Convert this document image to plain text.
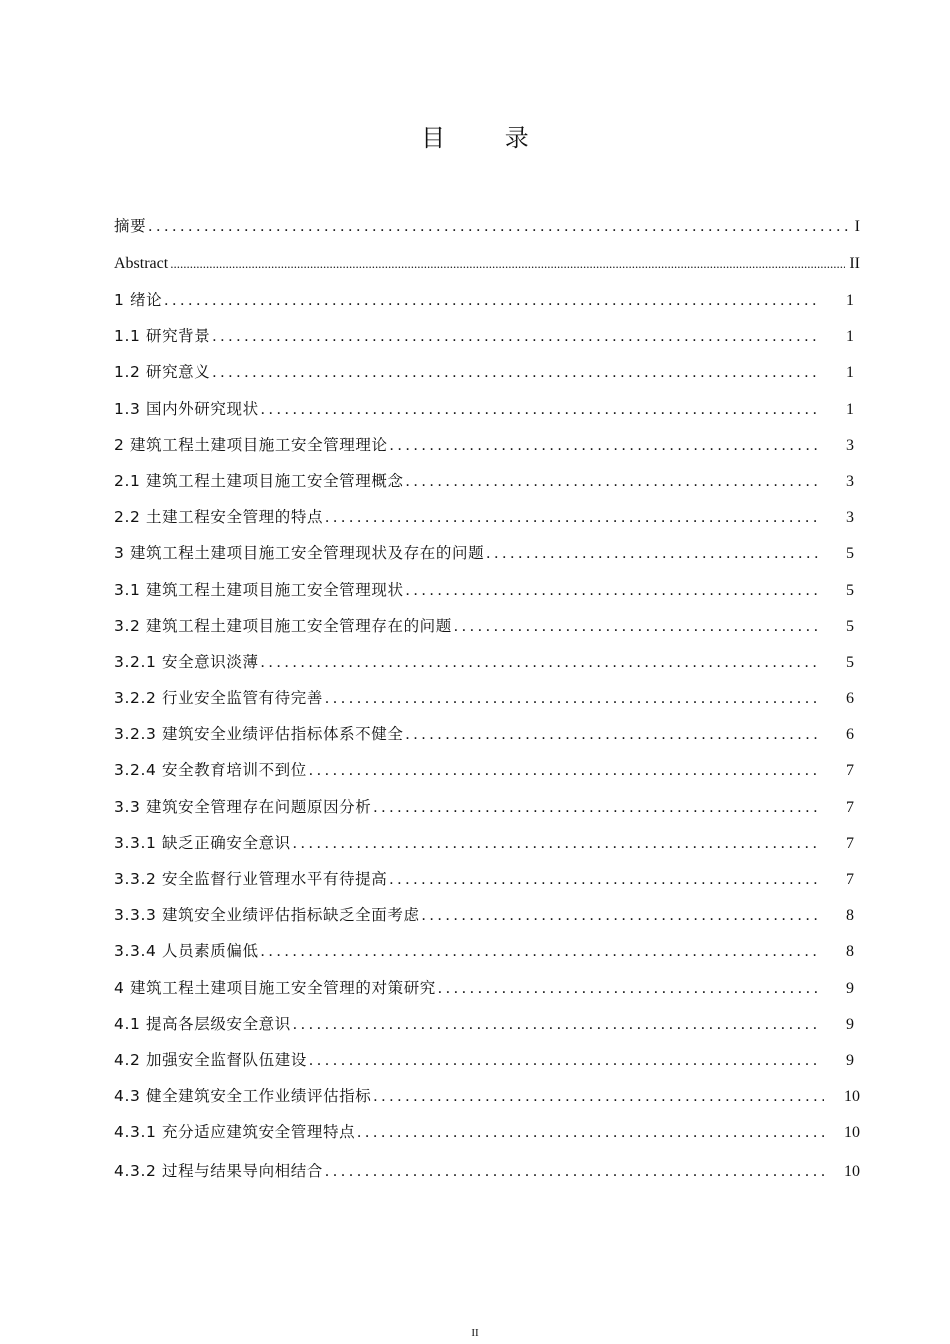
目 录
摘要 . . .	I
Abstract .....	II
1 绪论 . . .	1
1.1 研究背景 . . .	1
1.2 研究意义 . . .	1
1.3 国内外研究现状 . . .	1
2 建筑工程土建项目施工安全管理理论 . . .	3
2.1 建筑工程土建项目施工安全管理概念 . . .	3
2.2 土建工程安全管理的特点 . . .	3
3 建筑工程土建项目施工安全管理现状及存在的问题 . . .	5
3.1 建筑工程土建项目施工安全管理现状 . . .	5
3.2 建筑工程土建项目施工安全管理存在的问题 . . .	5
3.2.1 安全意识淡薄 . . .	5
3.2.2 行业安全监管有待完善 . . .	6
3.2.3 建筑安全业绩评估指标体系不健全 . . .	6
3.2.4 安全教育培训不到位 . . .	7
3.3 建筑安全管理存在问题原因分析 . . .	7
3.3.1 缺乏正确安全意识 . . .	7
3.3.2 安全监督行业管理水平有待提高 . . .	7
3.3.3 建筑安全业绩评估指标缺乏全面考虑 . . .	8
3.3.4 人员素质偏低 . . .	8
4 建筑工程土建项目施工安全管理的对策研究 . . .	9
4.1 提高各层级安全意识 . . .	9
4.2 加强安全监督队伍建设 . . .	9
4.3 健全建筑安全工作业绩评估指标 . . .	10
4.3.1 充分适应建筑安全管理特点 . . .	10
4.3.2 过程与结果导向相结合 . . .	10
II
